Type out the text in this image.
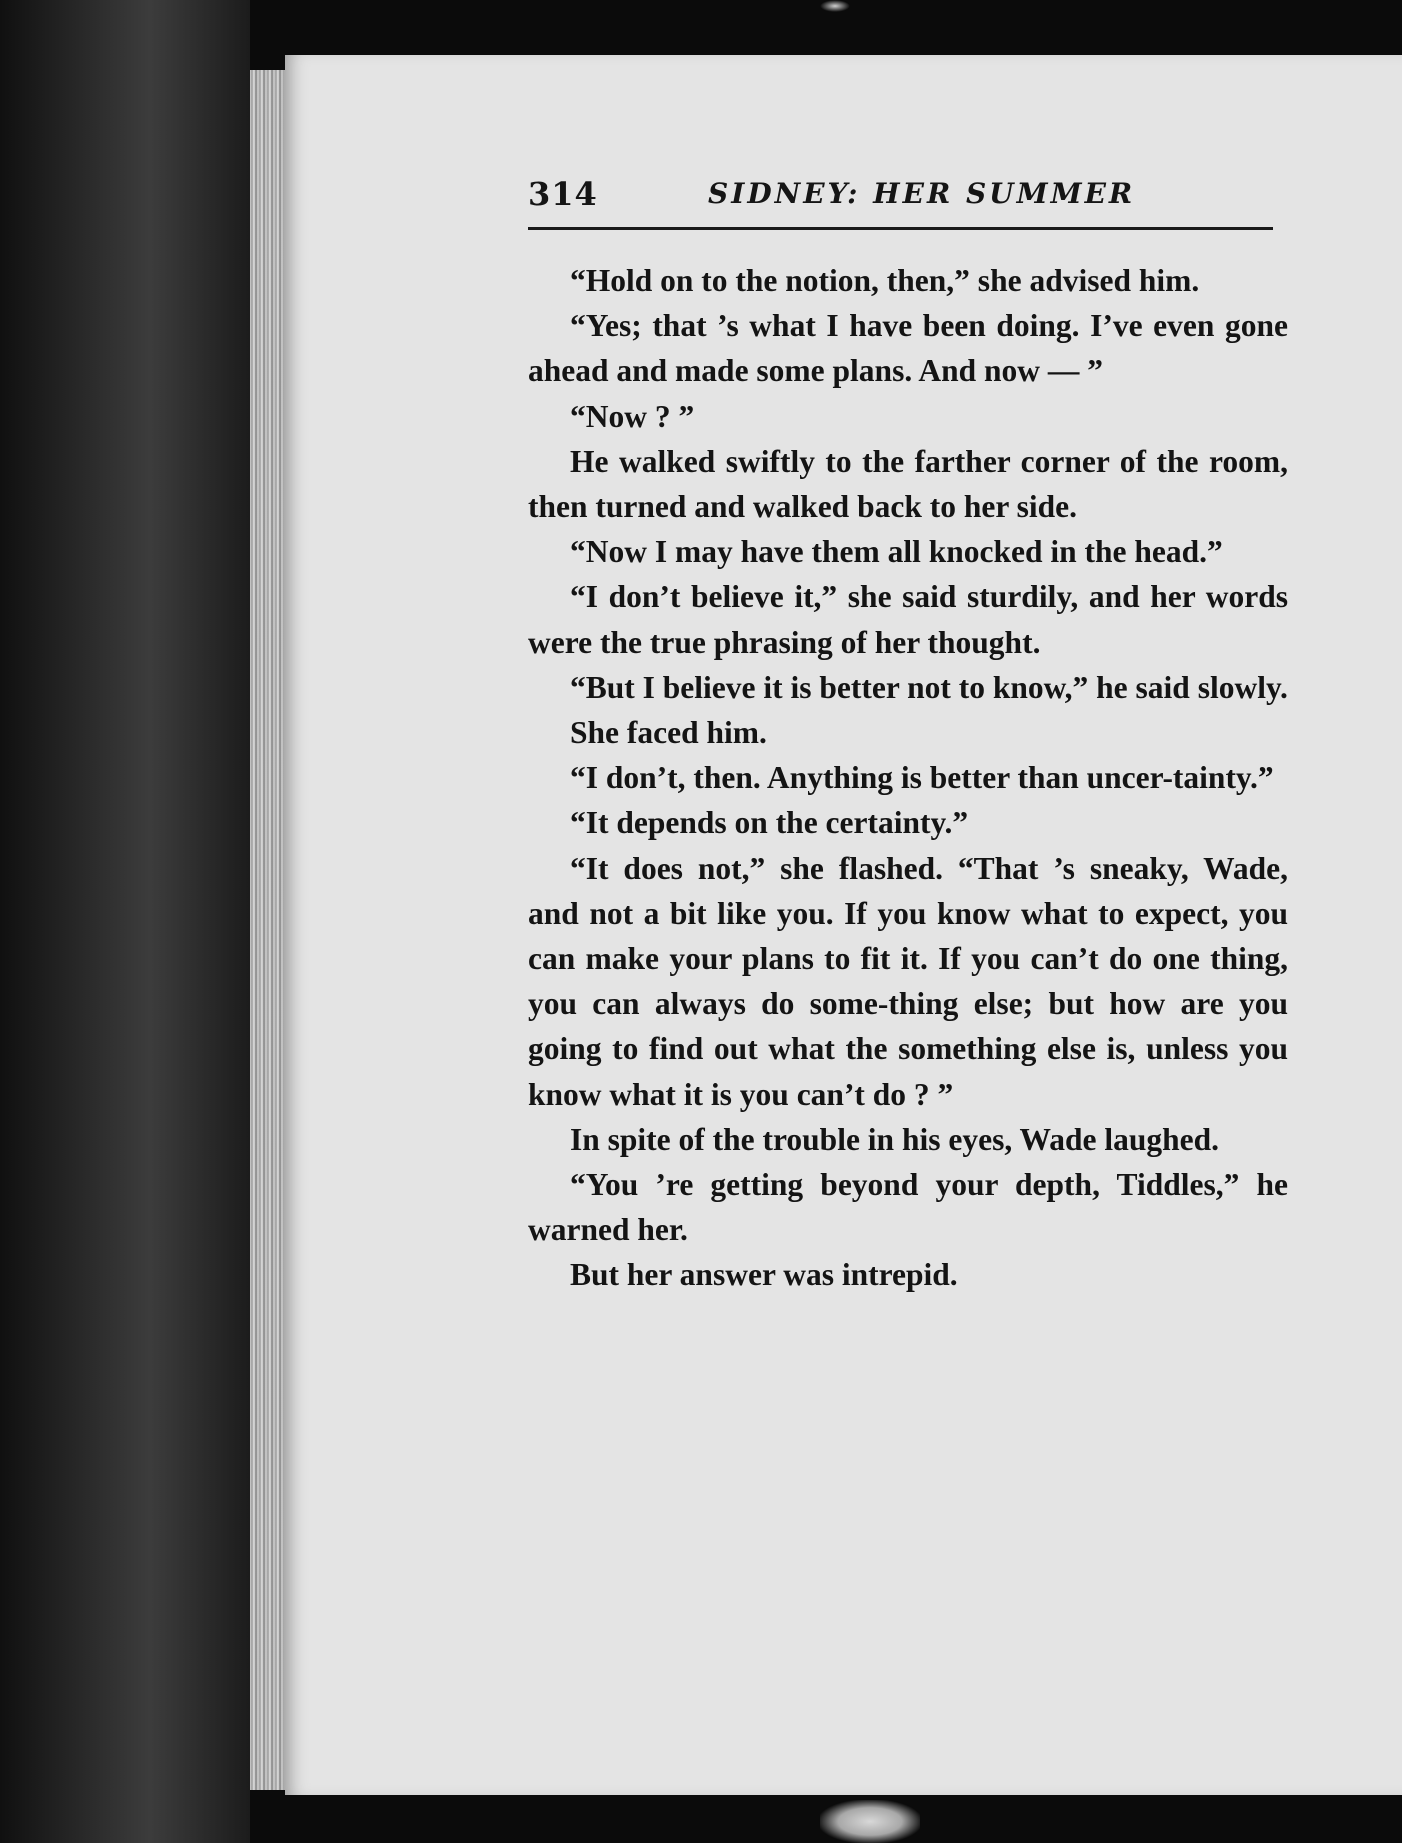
314	SIDNEY: HER SUMMER

“Hold on to the notion, then,” she advised him.

“Yes; that ’s what I have been doing. I’ve even gone ahead and made some plans. And now — ”

“Now ? ”

He walked swiftly to the farther corner of the room, then turned and walked back to her side.

“Now I may have them all knocked in the head.”

“I don’t believe it,” she said sturdily, and her words were the true phrasing of her thought.

“But I believe it is better not to know,” he said slowly.

She faced him.

“I don’t, then. Anything is better than uncer-tainty.”

“It depends on the certainty.”

“It does not,” she flashed. “That ’s sneaky, Wade, and not a bit like you. If you know what to expect, you can make your plans to fit it. If you can’t do one thing, you can always do some-thing else; but how are you going to find out what the something else is, unless you know what it is you can’t do ? ”

In spite of the trouble in his eyes, Wade laughed.

“You ’re getting beyond your depth, Tiddles,” he warned her.

But her answer was intrepid.
